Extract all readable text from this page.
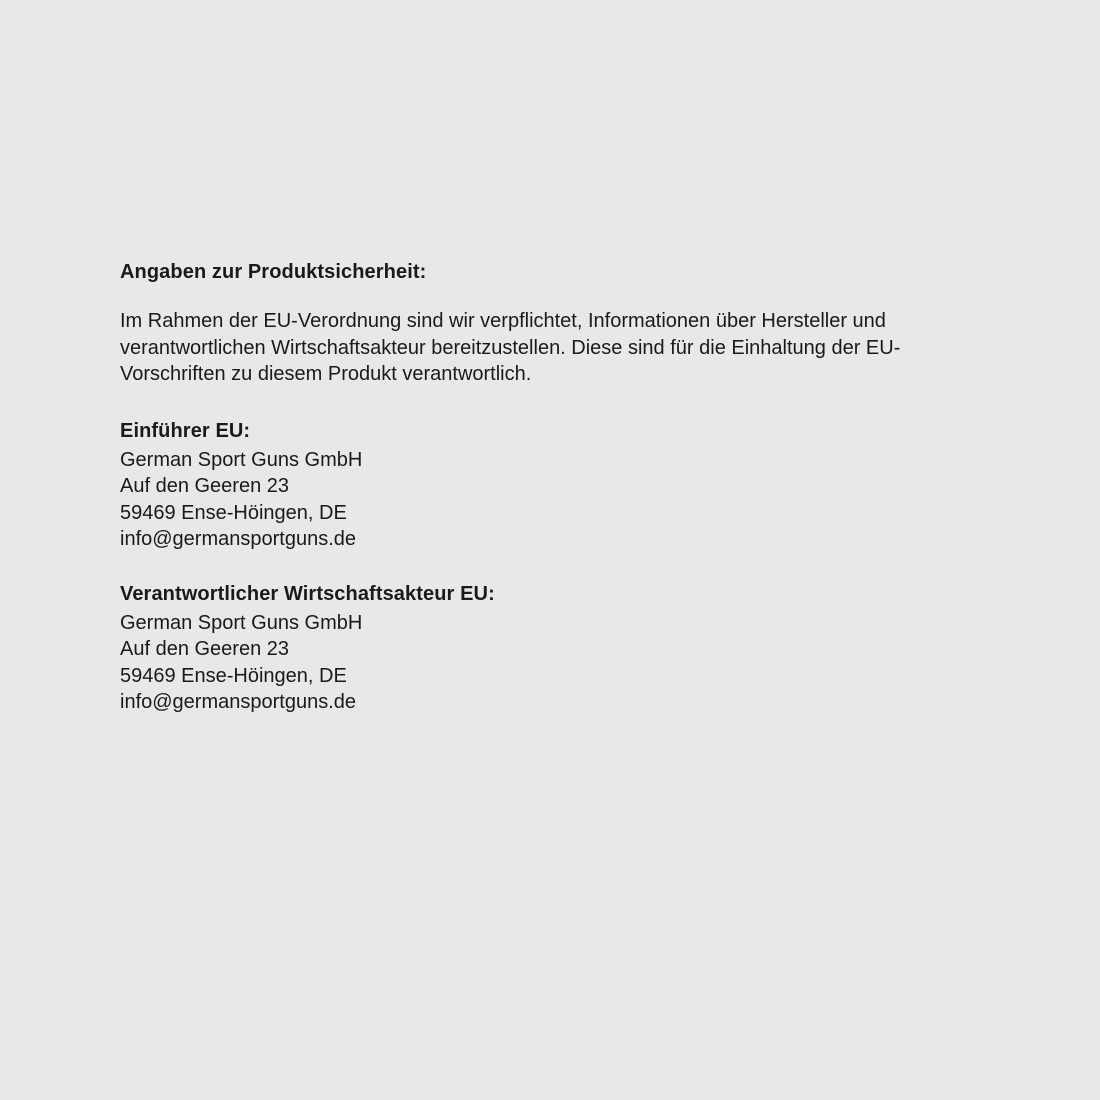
Angaben zur Produktsicherheit:

Im Rahmen der EU-Verordnung sind wir verpflichtet, Informationen über Hersteller und verantwortlichen Wirtschaftsakteur bereitzustellen. Diese sind für die Einhaltung der EU-Vorschriften zu diesem Produkt verantwortlich.

Einführer EU:

German Sport Guns GmbH

Auf den Geeren 23

59469 Ense-Höingen, DE

info@germansportguns.de

Verantwortlicher Wirtschaftsakteur EU:

German Sport Guns GmbH

Auf den Geeren 23

59469 Ense-Höingen, DE

info@germansportguns.de
